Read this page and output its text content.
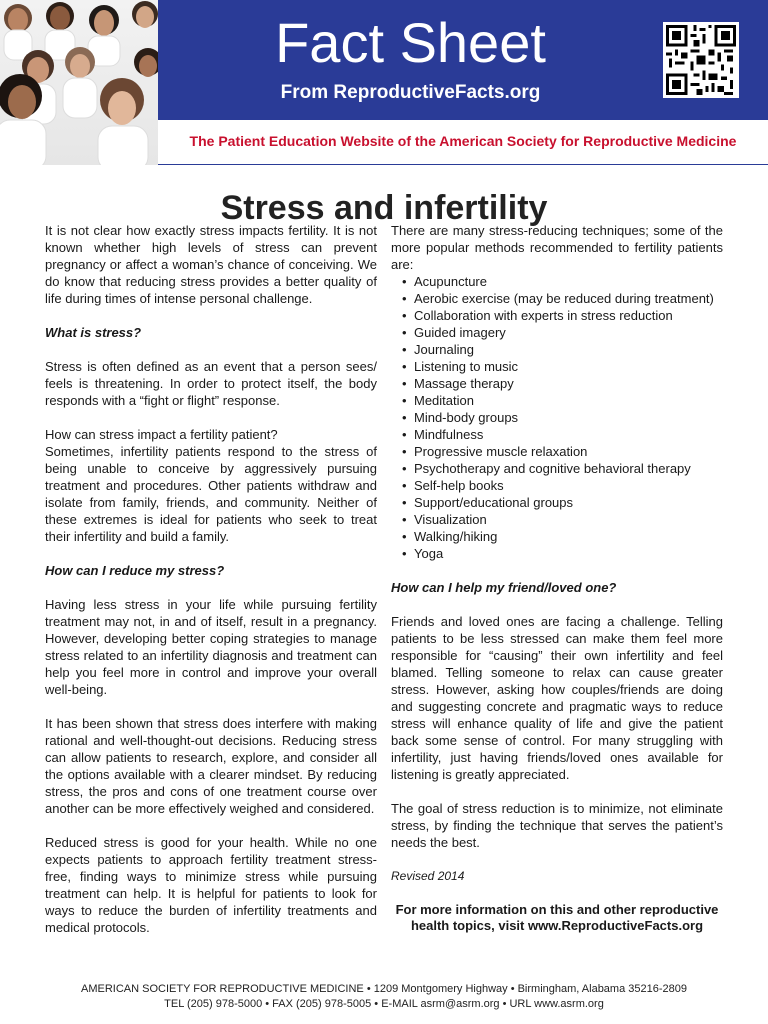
Fact Sheet
From ReproductiveFacts.org
The Patient Education Website of the American Society for Reproductive Medicine
Stress and infertility

It is not clear how exactly stress impacts fertility. It is not known whether high levels of stress can prevent pregnancy or affect a woman’s chance of conceiving. We do know that reducing stress provides a better quality of life during times of intense personal challenge.

What is stress?

Stress is often defined as an event that a person sees/ feels is threatening. In order to protect itself, the body responds with a “fight or flight” response.

How can stress impact a fertility patient?

Sometimes, infertility patients respond to the stress of being unable to conceive by aggressively pursuing treatment and procedures. Other patients withdraw and isolate from family, friends, and community. Neither of these extremes is ideal for patients who seek to treat their infertility and build a family.

How can I reduce my stress?

Having less stress in your life while pursuing fertility treatment may not, in and of itself, result in a pregnancy. However, developing better coping strategies to manage stress related to an infertility diagnosis and treatment can help you feel more in control and improve your overall well-being.

It has been shown that stress does interfere with making rational and well-thought-out decisions. Reducing stress can allow patients to research, explore, and consider all the options available with a clearer mindset. By reducing stress, the pros and cons of one treatment course over another can be more effectively weighed and considered.

Reduced stress is good for your health. While no one expects patients to approach fertility treatment stress-free, finding ways to minimize stress while pursuing treatment can help. It is helpful for patients to look for ways to reduce the burden of infertility treatments and medical protocols.

There are many stress-reducing techniques; some of the more popular methods recommended to fertility patients are:

• Acupuncture
• Aerobic exercise (may be reduced during treatment)
• Collaboration with experts in stress reduction
• Guided imagery
• Journaling
• Listening to music
• Massage therapy
• Meditation
• Mind-body groups
• Mindfulness
• Progressive muscle relaxation
• Psychotherapy and cognitive behavioral therapy
• Self-help books
• Support/educational groups
• Visualization
• Walking/hiking
• Yoga

How can I help my friend/loved one?

Friends and loved ones are facing a challenge. Telling patients to be less stressed can make them feel more responsible for “causing” their own infertility and feel blamed. Telling someone to relax can cause greater stress. However, asking how couples/friends are doing and suggesting concrete and pragmatic ways to reduce stress will enhance quality of life and give the patient back some sense of control. For many struggling with infertility, just having friends/loved ones available for listening is greatly appreciated.

The goal of stress reduction is to minimize, not eliminate stress, by finding the technique that serves the patient’s needs the best.

Revised 2014

For more information on this and other reproductive health topics, visit www.ReproductiveFacts.org

AMERICAN SOCIETY FOR REPRODUCTIVE MEDICINE • 1209 Montgomery Highway • Birmingham, Alabama 35216-2809
TEL (205) 978-5000 • FAX (205) 978-5005 • E-MAIL asrm@asrm.org • URL www.asrm.org
